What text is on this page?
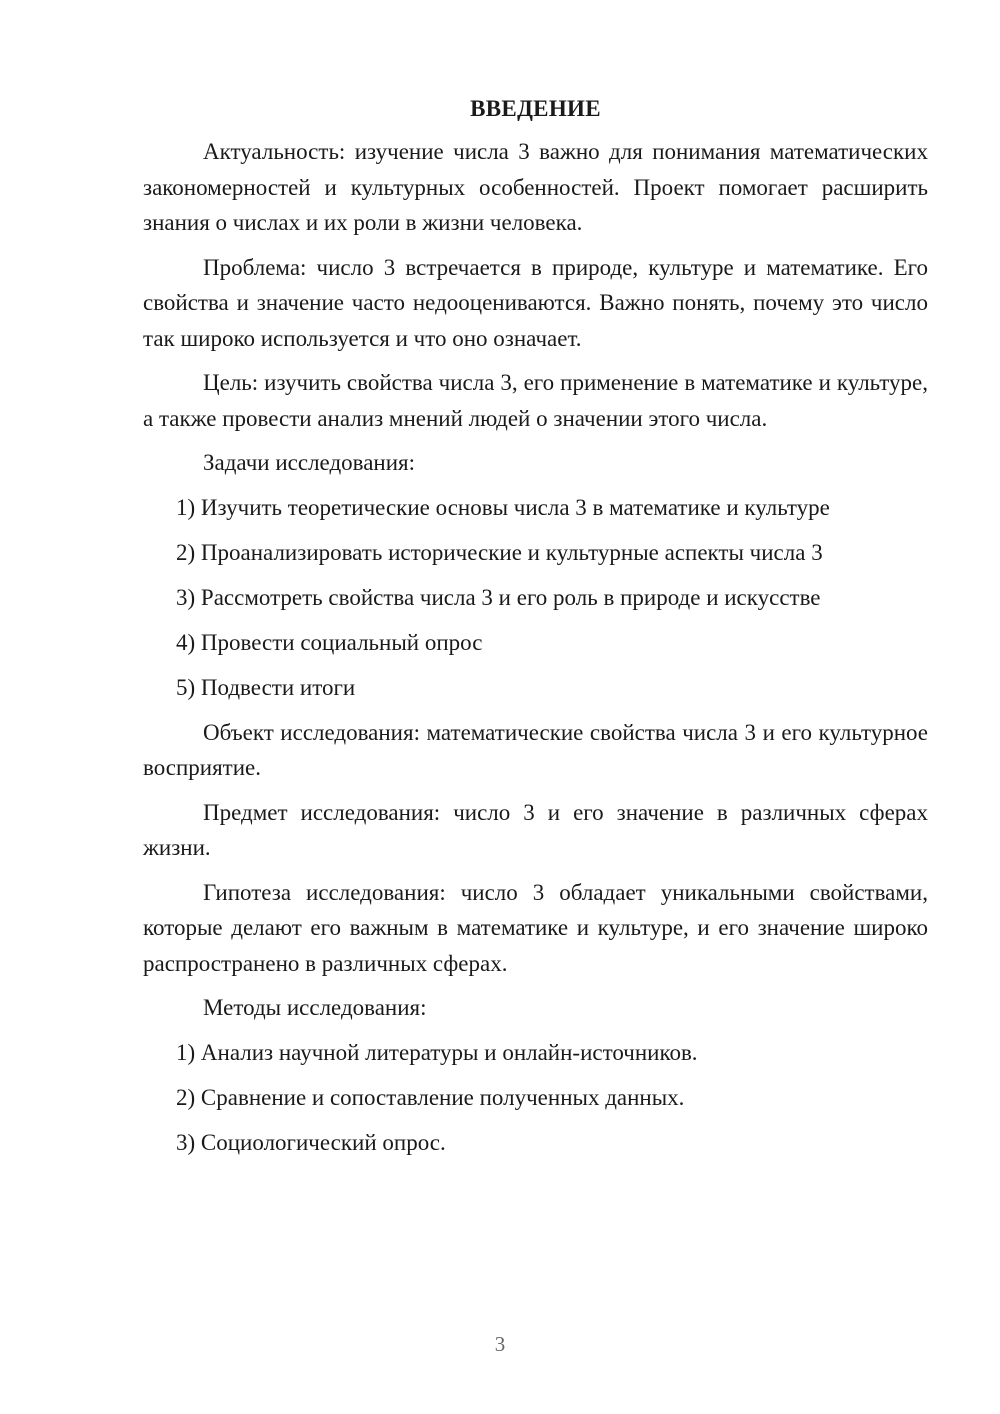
ВВЕДЕНИЕ

Актуальность: изучение числа 3 важно для понимания математических закономерностей и культурных особенностей. Проект помогает расширить знания о числах и их роли в жизни человека.

Проблема: число 3 встречается в природе, культуре и математике. Его свойства и значение часто недооцениваются. Важно понять, почему это число так широко используется и что оно означает.

Цель: изучить свойства числа 3, его применение в математике и культуре, а также провести анализ мнений людей о значении этого числа.

Задачи исследования:

1) Изучить теоретические основы числа 3 в математике и культуре
2) Проанализировать исторические и культурные аспекты числа 3
3) Рассмотреть свойства числа 3 и его роль в природе и искусстве
4) Провести социальный опрос
5) Подвести итоги

Объект исследования: математические свойства числа 3 и его культурное восприятие.

Предмет исследования: число 3 и его значение в различных сферах жизни.

Гипотеза исследования: число 3 обладает уникальными свойствами, которые делают его важным в математике и культуре, и его значение широко распространено в различных сферах.

Методы исследования:

1) Анализ научной литературы и онлайн-источников.
2) Сравнение и сопоставление полученных данных.
3) Социологический опрос.
3
